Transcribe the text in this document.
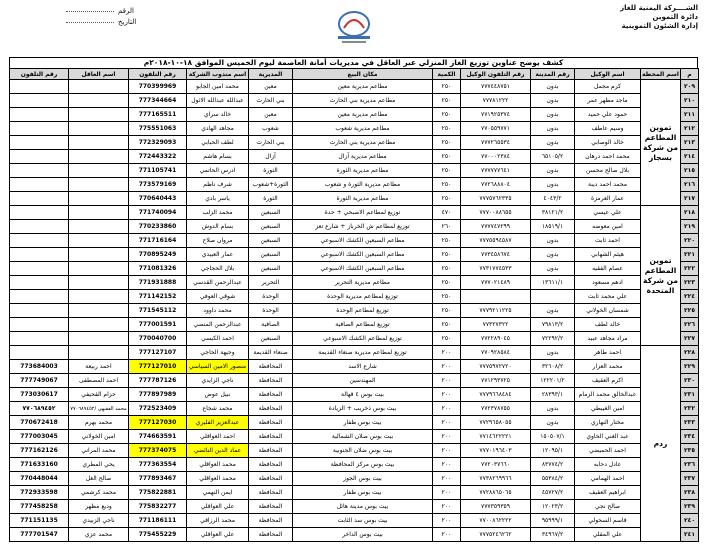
الشــــركة اليمنية للغاز
دائرة التموين
إدارة الشئون التموينية
الرقم
التاريخ
كشف يوضح عناوين توزيع الغاز المنزلي عبر العاقل في مديريات أمانة العاصمة ليوم الخميس الموافق ١٨-١٠-٢٠١٨م
م	اسم المحطة	اسم الوكيل	رقم المدينة	رقم التلفون الوكيل	الكمية	مكان البيع	المديرية	اسم مندوب الشركة	رقم التلفون	اسم العاقل	رقم التلفون
٢٠٩	تموين المطاعم من شركة بسجاز	كرم مجمل	بدون	٧٧٧٤٤٨٧٥١	٢٥٠	مطاعم مديرية معين	معين	محمد امين الجابو	770399969		
٢١٠		ماجد مظهر عمر	بدون	٧٧٧٨١٢٢٢	٢٥٠	مطاعم مديرية بني الحارث	بني الحارث	عبدالله عبدالله الاثول	777344664		
٢١١		حمود علي حميد	بدون	٧٧١٩٢٥٣٧٤	٢٥٠	مطاعم مديرية معين	معين	خالد سراي	777165511		
٢١٢		وسيم عاطف	بدون	٧٧٠٥٥٩٧٧١	٢٥٠	مطاعم مديرية شعوب	شعوب	مجاهد الهادي	775551063		
٢١٣		خالد الوصابي	بدون	٧٧٧٢٦٥٥٣٤	٢٥٠	مطاعم مديرية بني الحارث	بني الحارث	لطف الحبابي	772329093		
٢١٤		محمد احمد درهان	٦٥١٠٥/٢	٧٧٠٠٠٢٣٨٤	٢٥٠	مطاعم مديرية آزال	آزال	بسام هاشم	772443322		
٢١٥		بلال صالح محسن	بدون	٧٧٧٧٧٧٦٤١	٢٥٠	مطاعم مديرية الثورة	الثورة	ادرس الحاتمي	771105741		
٢١٦		محمد احمد ديبة	بدون	٧٧٢٦٨٨٨٠٤	٢٥٠	مطاعم مديرية الثورة و شعوب	الثورة+شعوب	شرف ناظم	773579169		
٢١٧		عمار العرمزة	٤٠٤٣/٢	٧٧٧٥٧٦٢٣٣٥	٢٥٠	مطاعم مديرية الثورة	الثورة	ياسر بادي	770640443		
٢١٨	تموين المطاعم من شركة المتحدة	علي عيسي	٣٨١٢١/٢	٧٧٧٠٠٨٨٦٥٥	٤٧٠	توزيع لمطاعم الاصبحي + حدة	السبعين	محمد الزلب	771740094		
٢١٩		امين معوضه	١٨٥١٩/١	٧٧٧٧٤٧٢٩٩	٢٦٠	توزيع لمطاعم ش الخرباز + شارع تعز	السبعين	بسام الدوش	770233860		
٢٢٠		احمد ثابت	بدون	٧٧٧٥٥٩٤٥٨٧	٢٥٠	مطاعم السبعين الكشك الاسبوعي	السبعين	مروان صلاح	771716164		
٢٢١		هيثم الشهابي	بدون	٧٧٣٤٥٨٦٧٤	٢٥٠	مطاعم السبعين الكشك الاسبوعي	السبعين	عمار العبيدي	770895249		
٢٢٢		عصام الفقيه	بدون	٧٧٣١٧٧٤٥٣٣	٢٥٠	مطاعم السبعين الكشك الاسبوعي	السبعين	بلال الحجاجي	771081326		
٢٢٣		ادهم مسعود	١٣٦١١/١	٧٧٧٠٢١٤٨٩	٢٥٠	مطاعم مديرية التحرير	التحرير	عبدالرحمن القدسي	771931888		
٢٢٤		علي محمد ثابت			٢٥٠	توزيع لمطاعم مديرية الوحدة	الوحدة	شوقي العوفي	771142152		
٢٢٥		شمسان الخولاني	بدون	٧٧٧٩٢١١٢٢٥	٢٥٠	توزيع لمطاعم الوحدة	الوحدة	محمد داوود	771545112		
٢٢٦		خالد لطف	٧٩٨١٣/٢	٧٧٣٢٧٣٢٢	٢٥٠	توزيع لمطاعم الصافية	الصافية	عبدالرحمن المنصي	777001591		
٢٢٧		مراد مجاهد عبيد	٧٢٢٩٢/٢	٧٧٢٢٨٩٠٤٥	٢٥٠	توزيع لمطاعم الكشك الاسبوعي	السبعين	احمد الكبسي	770040700		
٢٢٨	ردم	احمد طاهر	بدون	٧٧٠٩٢٨٥٨٤	٢٠٠	توزيع لمطاعم مديرية صنعاء القديمة	صنعاء القديمة	وجيهة الحاجي	777127107		
٢٢٩		محمد العزار	٣٢٦٠٨/٢	٧٧٧٥٩٧٢٧٢٠	٢٠٠	شارع الاسد	المحافظة	منصور الامين السياسي	777127010	احمد ربيعة	773684003
٢٣٠		اكرم العقيف	١٢٢٢٠١/٢	٧٧١٢٩٣٧٢٥	٢٠٠	المهندسين	المحافظة	ناجي الزايدي	777787126	احمد المصطفى	777749067
٢٣١		عبدالخالق محمد الزمام	٢٨٣٩٣/١	٧٧٧٩٦٦٨٤٨٤	٢٠٠	بيت بوس ٤ قهالة	المحافظة	نبيل عوض	777897989	حزام القحيفي	773030617
٢٣٢		امين الغيبطي	بدون	٧٧٢٣٧٨٧٥٥	٢٠٠	بيت بوس ذخريب + الزيادة	المحافظة	محمد شجاع	772523409	محمد الفقيهي /٧٧٠٦٨٩٤٥٢	٧٧٠٦٨٩٤٥٢
٢٣٣		مختار النهاري	بدون	٧٧٢٩٦٥٨٠٥٥	٢٠٠	بيت بوس ظفار	المحافظة	عبدالعزيز الفليري	777127030	محمد بهرم	770672418
٢٣٤		عبد الغني الخاوي	١٥٠٥٠٧/١	٧٧١٤٦٢٢٢٢١	٢٠٠	بيت بوس صلان الشمالية	المحافظة	احمد العواقلي	774663591	امين الخولاني	777003045
٢٣٥		احمد الحميضي	١٢٠٩٥/١	٧٧٧٠١٩٦٤٠٣	٢٠٠	بيت بوس ضلان الجنوبية	المحافظة	عماد الدين النائضي	777374075	محمد المراني	777162126
٢٣٦		عادل دحابه	٨٣٧٧٤/٢	٧٧٢٠٣٧٦٦٠	٢٠٠	بيت بوس مركز المحافظة	المحافظة	محمد العواقلي	777363554	يحي المطري	771633160
٢٣٧		احمد الهمامي	٥٥٣٨٤/٢	٧٧٣٨٢٦٩٩٦٦	٢٠٠	بيت بوس الجوز	المحافظة	محمد العواقلي	777893467	صالح الغل	770448044
٢٣٨		ابراهيم العقيف	٤٥٧٢٧/٢	٧٧٢٨٨٦٥٠٦٥	٢٠٠	بيت بوس ظفار	المحافظة	ايمن النهمي	775822881	محمد كرشمي	772933598
٢٣٩		صالح نجي	١٢٠٢٣/٢	٧٧٧٣٥٩٣٥٩	٢٠٠	بيت بوس مدينة هائل	المحافظة	علي العواقلي	775832277	وديع مظهر	777458258
٢٤٠		قاسم السحولي	٩٥٩٩٩/١	٧٧٠٠٨٦٢٢٢٢	٢٠٠	بيت بوس سد الثابت	المحافظة	محمد الرزاقي	771186111	ناجي الزبيدي	771151135
٢٤١		علي المقلي	٣٤٩٦٧/٢	٧٧٧٥٢٤٦٢٦٢	٢٠٠	بيت بوس الداخر	المحافظة	علي العواقلي	775455229	محمد عزي	777701547
